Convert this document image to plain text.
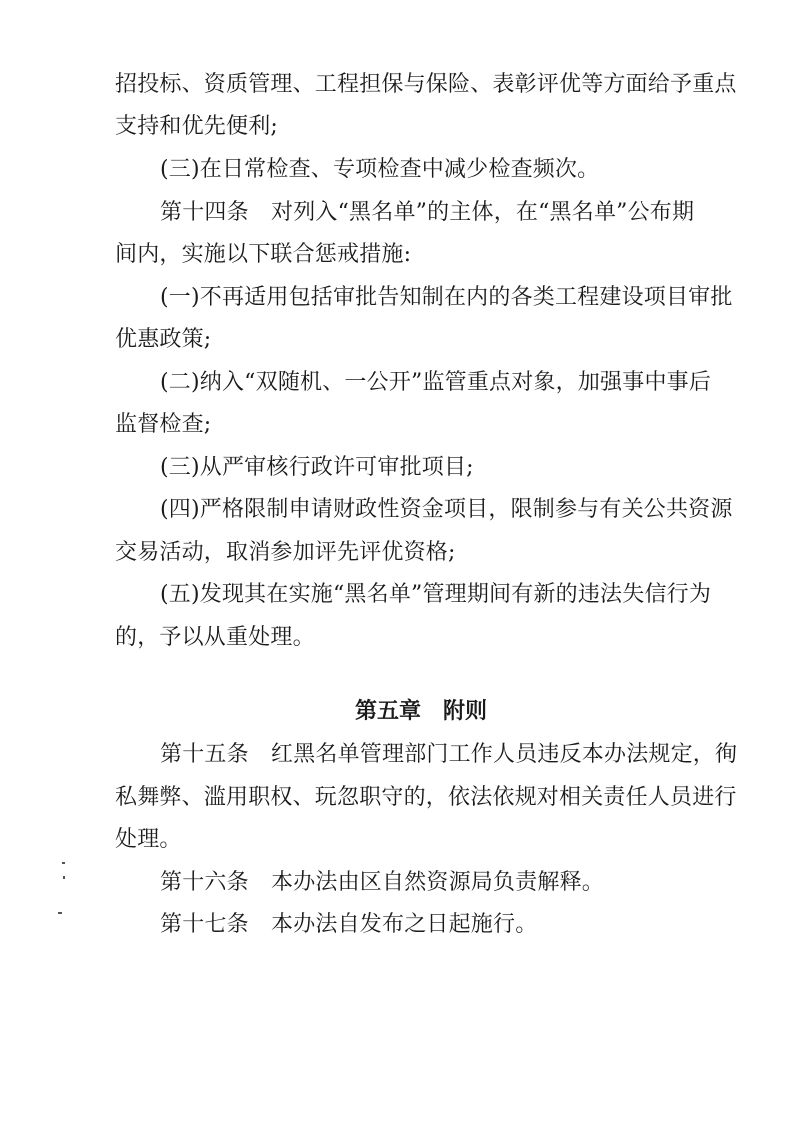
招投标、资质管理、工程担保与保险、表彰评优等方面给予重点
支持和优先便利;
(三)在日常检查、专项检查中减少检查频次。
第十四条　对列入“黑名单”的主体，在“黑名单”公布期
间内，实施以下联合惩戒措施:
(一)不再适用包括审批告知制在内的各类工程建设项目审批
优惠政策;
(二)纳入“双随机、一公开”监管重点对象，加强事中事后
监督检查;
(三)从严审核行政许可审批项目;
(四)严格限制申请财政性资金项目，限制参与有关公共资源
交易活动，取消参加评先评优资格;
(五)发现其在实施“黑名单”管理期间有新的违法失信行为
的，予以从重处理。
第五章　附则
第十五条　红黑名单管理部门工作人员违反本办法规定，徇
私舞弊、滥用职权、玩忽职守的，依法依规对相关责任人员进行
处理。
第十六条　本办法由区自然资源局负责解释。
第十七条　本办法自发布之日起施行。
